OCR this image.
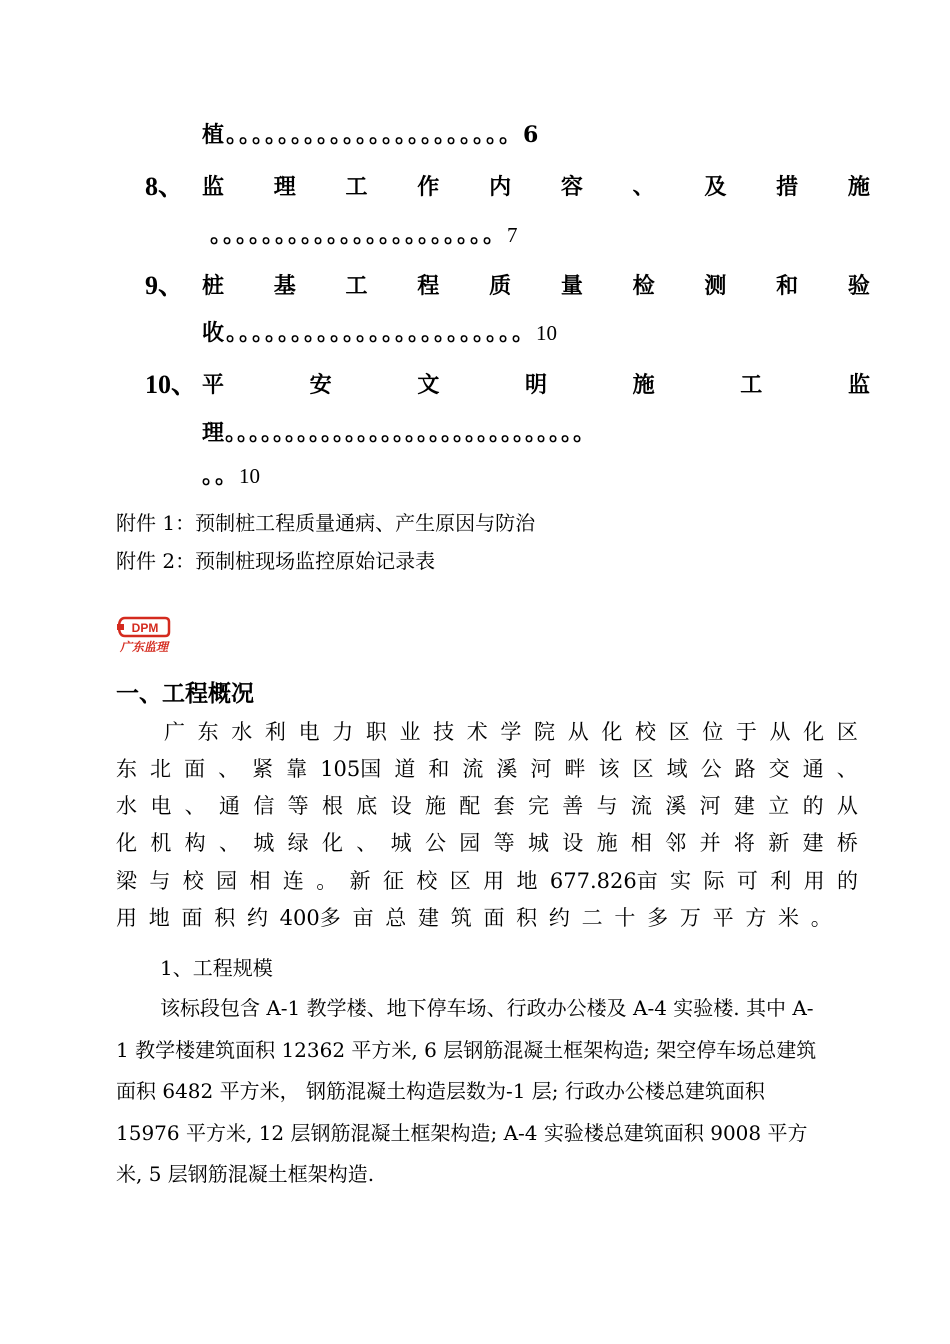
植。。。。。。。。。。。。。。。。。。。。。。6
8、 监 理 工 作 内 容 、 及 措 施
。。。。。。。。。。。。。。。。。。。。。。7
9、 桩 基 工 程 质 量 检 测 和 验
收。。。。。。。。。。。。。。。。。。。。。。。10
10、 平	安	文	明	施	工	监
理。。。。。。。。。。。。。。。。。。。。。。。。。。。。。。
。。10
附件 1：预制桩工程质量通病、产生原因与防治
附件 2：预制桩现场监控原始记录表
DPM
广东监理
一、工程概况
广 东 水 利 电 力 职 业 技 术 学 院 从 化 校 区 位 于 从 化 区
东 北 面 、 紧 靠 105国 道 和 流 溪 河 畔 该 区 域 公 路 交 通 、
水 电 、 通 信 等 根 底 设 施 配 套 完 善 与 流 溪 河 建 立 的 从
化 机 构 、 城 绿 化 、 城 公 园 等 城 设 施 相 邻 并 将 新 建 桥
梁 与 校 园 相 连 。 新 征 校 区 用 地 677.826亩 实 际 可 利 用 的
用 地 面 积 约 400多 亩 总 建 筑 面 积 约 二 十 多 万 平 方 米 。
1、工程规模
该标段包含 A-1 教学楼、地下停车场、行政办公楼及 A-4 实验楼. 其中 A-
1 教学楼建筑面积 12362 平方米, 6 层钢筋混凝土框架构造; 架空停车场总建筑
面积 6482 平方米， 钢筋混凝土构造层数为-1 层; 行政办公楼总建筑面积
15976 平方米, 12 层钢筋混凝土框架构造; A-4 实验楼总建筑面积 9008 平方
米, 5 层钢筋混凝土框架构造.
